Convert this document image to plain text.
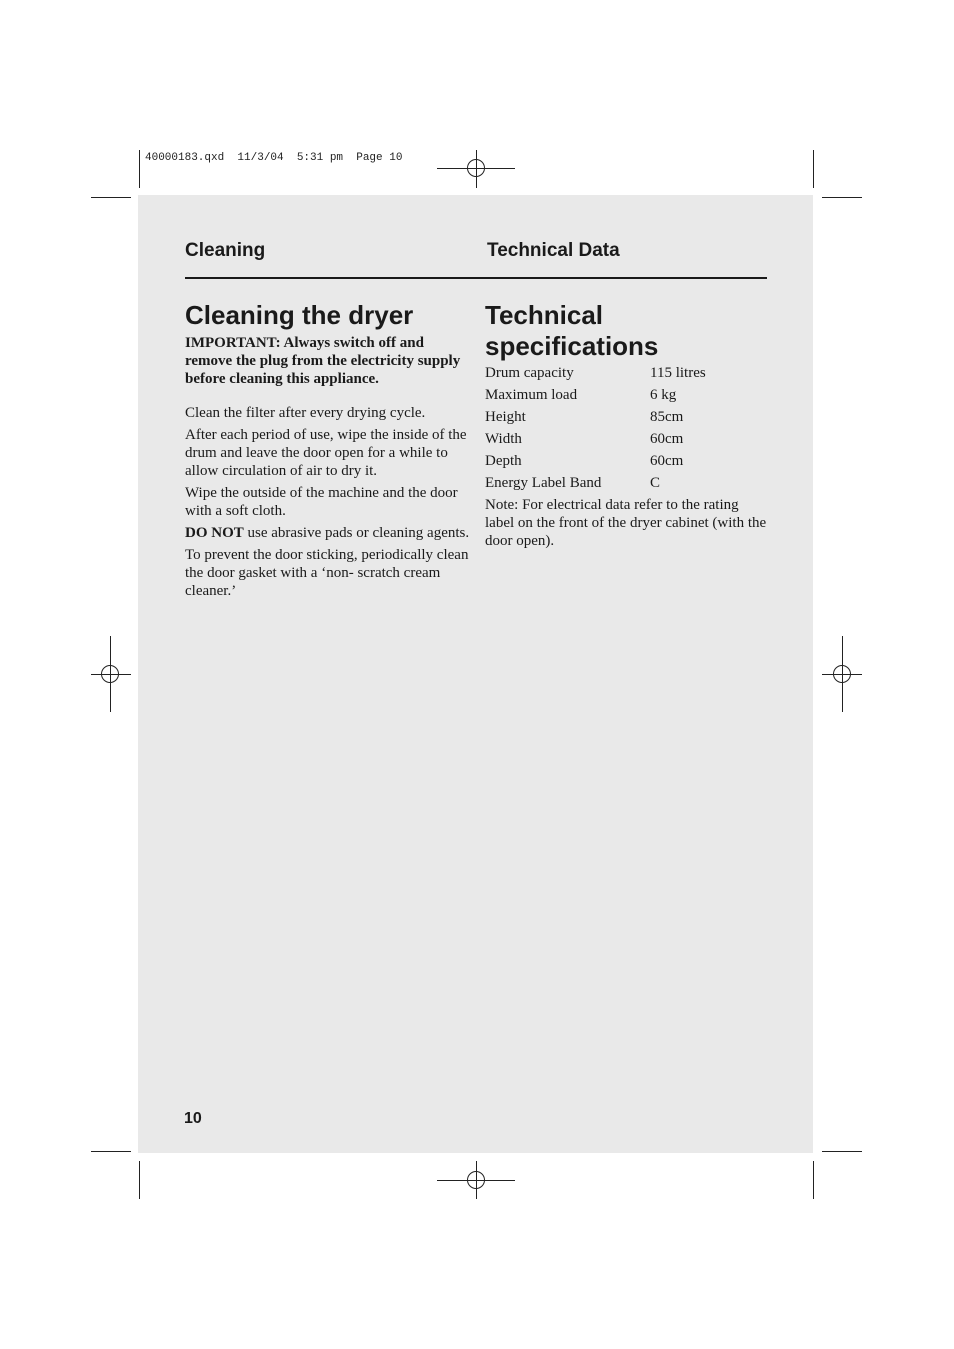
40000183.qxd  11/3/04  5:31 pm  Page 10
Cleaning	Technical Data
Cleaning the dryer

IMPORTANT: Always switch off and remove the plug from the electricity supply before cleaning this appliance.

Clean the filter after every drying cycle.

After each period of use, wipe the inside of the drum and leave the door open for a while to allow circulation of air to dry it.

Wipe the outside of the machine and the door with a soft cloth.

DO NOT use abrasive pads or cleaning agents.

To prevent the door sticking, periodically clean the door gasket with a ‘non- scratch cream cleaner.’

Technical
specifications
Drum capacity	115 litres
Maximum load	6 kg
Height	85cm
Width	60cm
Depth	60cm
Energy Label Band	C
Note: For electrical data refer to the rating label on the front of the dryer cabinet (with the door open).
10
